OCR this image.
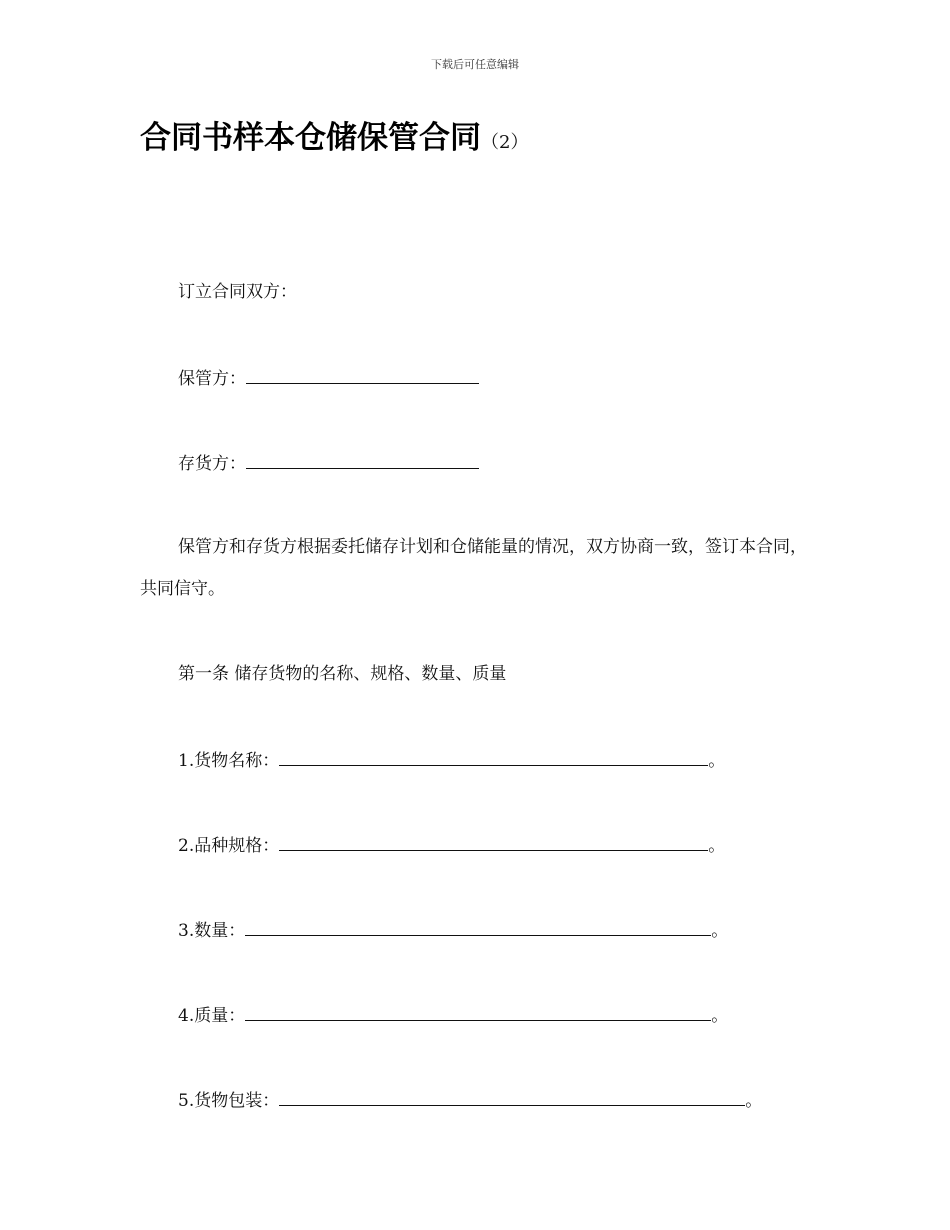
下载后可任意编辑
合同书样本仓储保管合同（2）
订立合同双方：
保管方：
存货方：
保管方和存货方根据委托储存计划和仓储能量的情况，双方协商一致，签订本合同，共同信守。
第一条 储存货物的名称、规格、数量、质量
1.货物名称：	。
2.品种规格：	。
3.数量：	。
4.质量：	。
5.货物包装：	。
